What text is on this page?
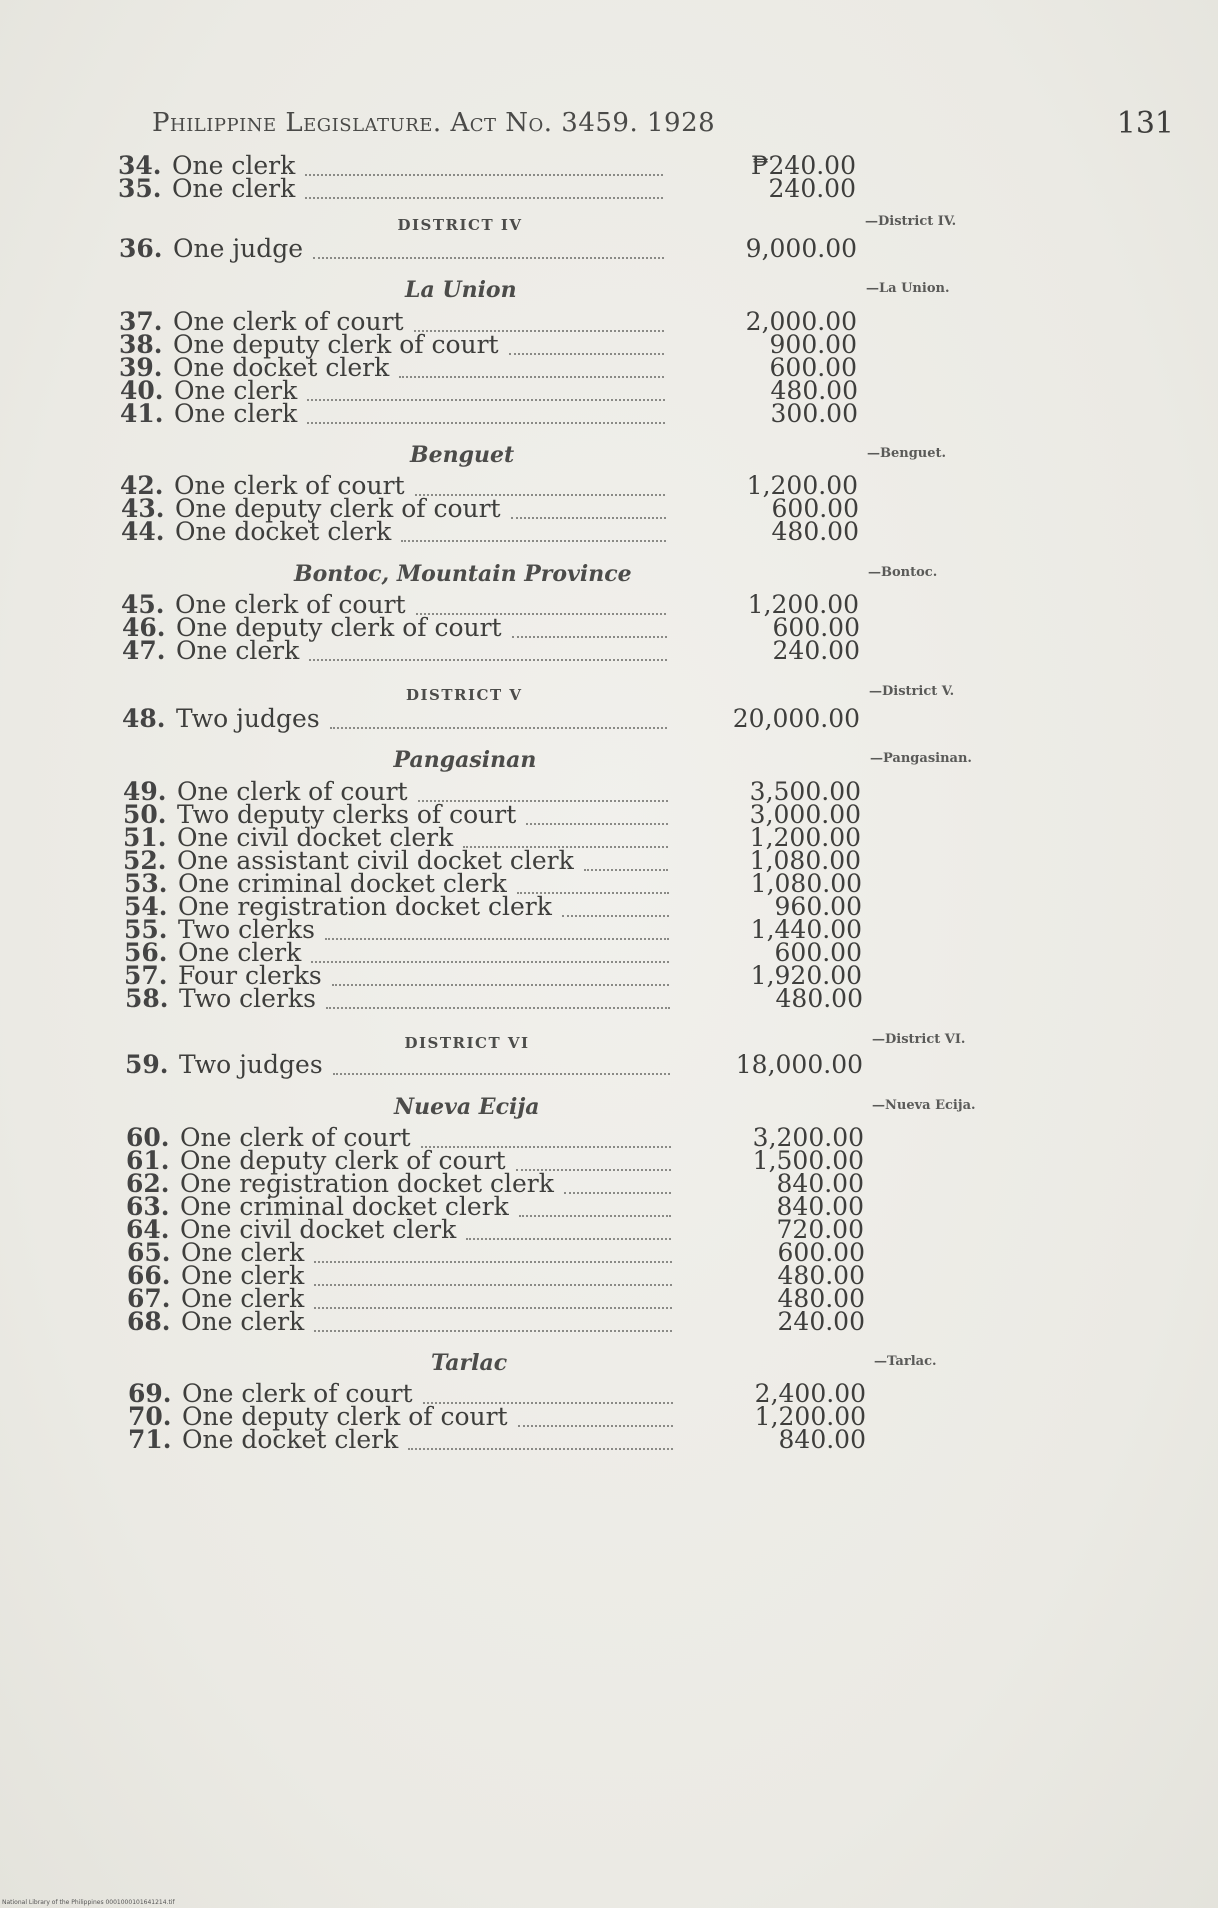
Philippine Legislature. Act No. 3459. 1928	131
34. One clerk	₱240.00
35. One clerk	240.00
DISTRICT IV	—District IV.
36. One judge	9,000.00
La Union	—La Union.
37. One clerk of court	2,000.00
38. One deputy clerk of court	900.00
39. One docket clerk	600.00
40. One clerk	480.00
41. One clerk	300.00
Benguet	—Benguet.
42. One clerk of court	1,200.00
43. One deputy clerk of court	600.00
44. One docket clerk	480.00
Bontoc, Mountain Province	—Bontoc.
45. One clerk of court	1,200.00
46. One deputy clerk of court	600.00
47. One clerk	240.00
DISTRICT V	—District V.
48. Two judges	20,000.00
Pangasinan	—Pangasinan.
49. One clerk of court	3,500.00
50. Two deputy clerks of court	3,000.00
51. One civil docket clerk	1,200.00
52. One assistant civil docket clerk	1,080.00
53. One criminal docket clerk	1,080.00
54. One registration docket clerk	960.00
55. Two clerks	1,440.00
56. One clerk	600.00
57. Four clerks	1,920.00
58. Two clerks	480.00
DISTRICT VI	—District VI.
59. Two judges	18,000.00
Nueva Ecija	—Nueva Ecija.
60. One clerk of court	3,200.00
61. One deputy clerk of court	1,500.00
62. One registration docket clerk	840.00
63. One criminal docket clerk	840.00
64. One civil docket clerk	720.00
65. One clerk	600.00
66. One clerk	480.00
67. One clerk	480.00
68. One clerk	240.00
Tarlac	—Tarlac.
69. One clerk of court	2,400.00
70. One deputy clerk of court	1,200.00
71. One docket clerk	840.00
National Library of the Philippines 0001000101641214.tif
